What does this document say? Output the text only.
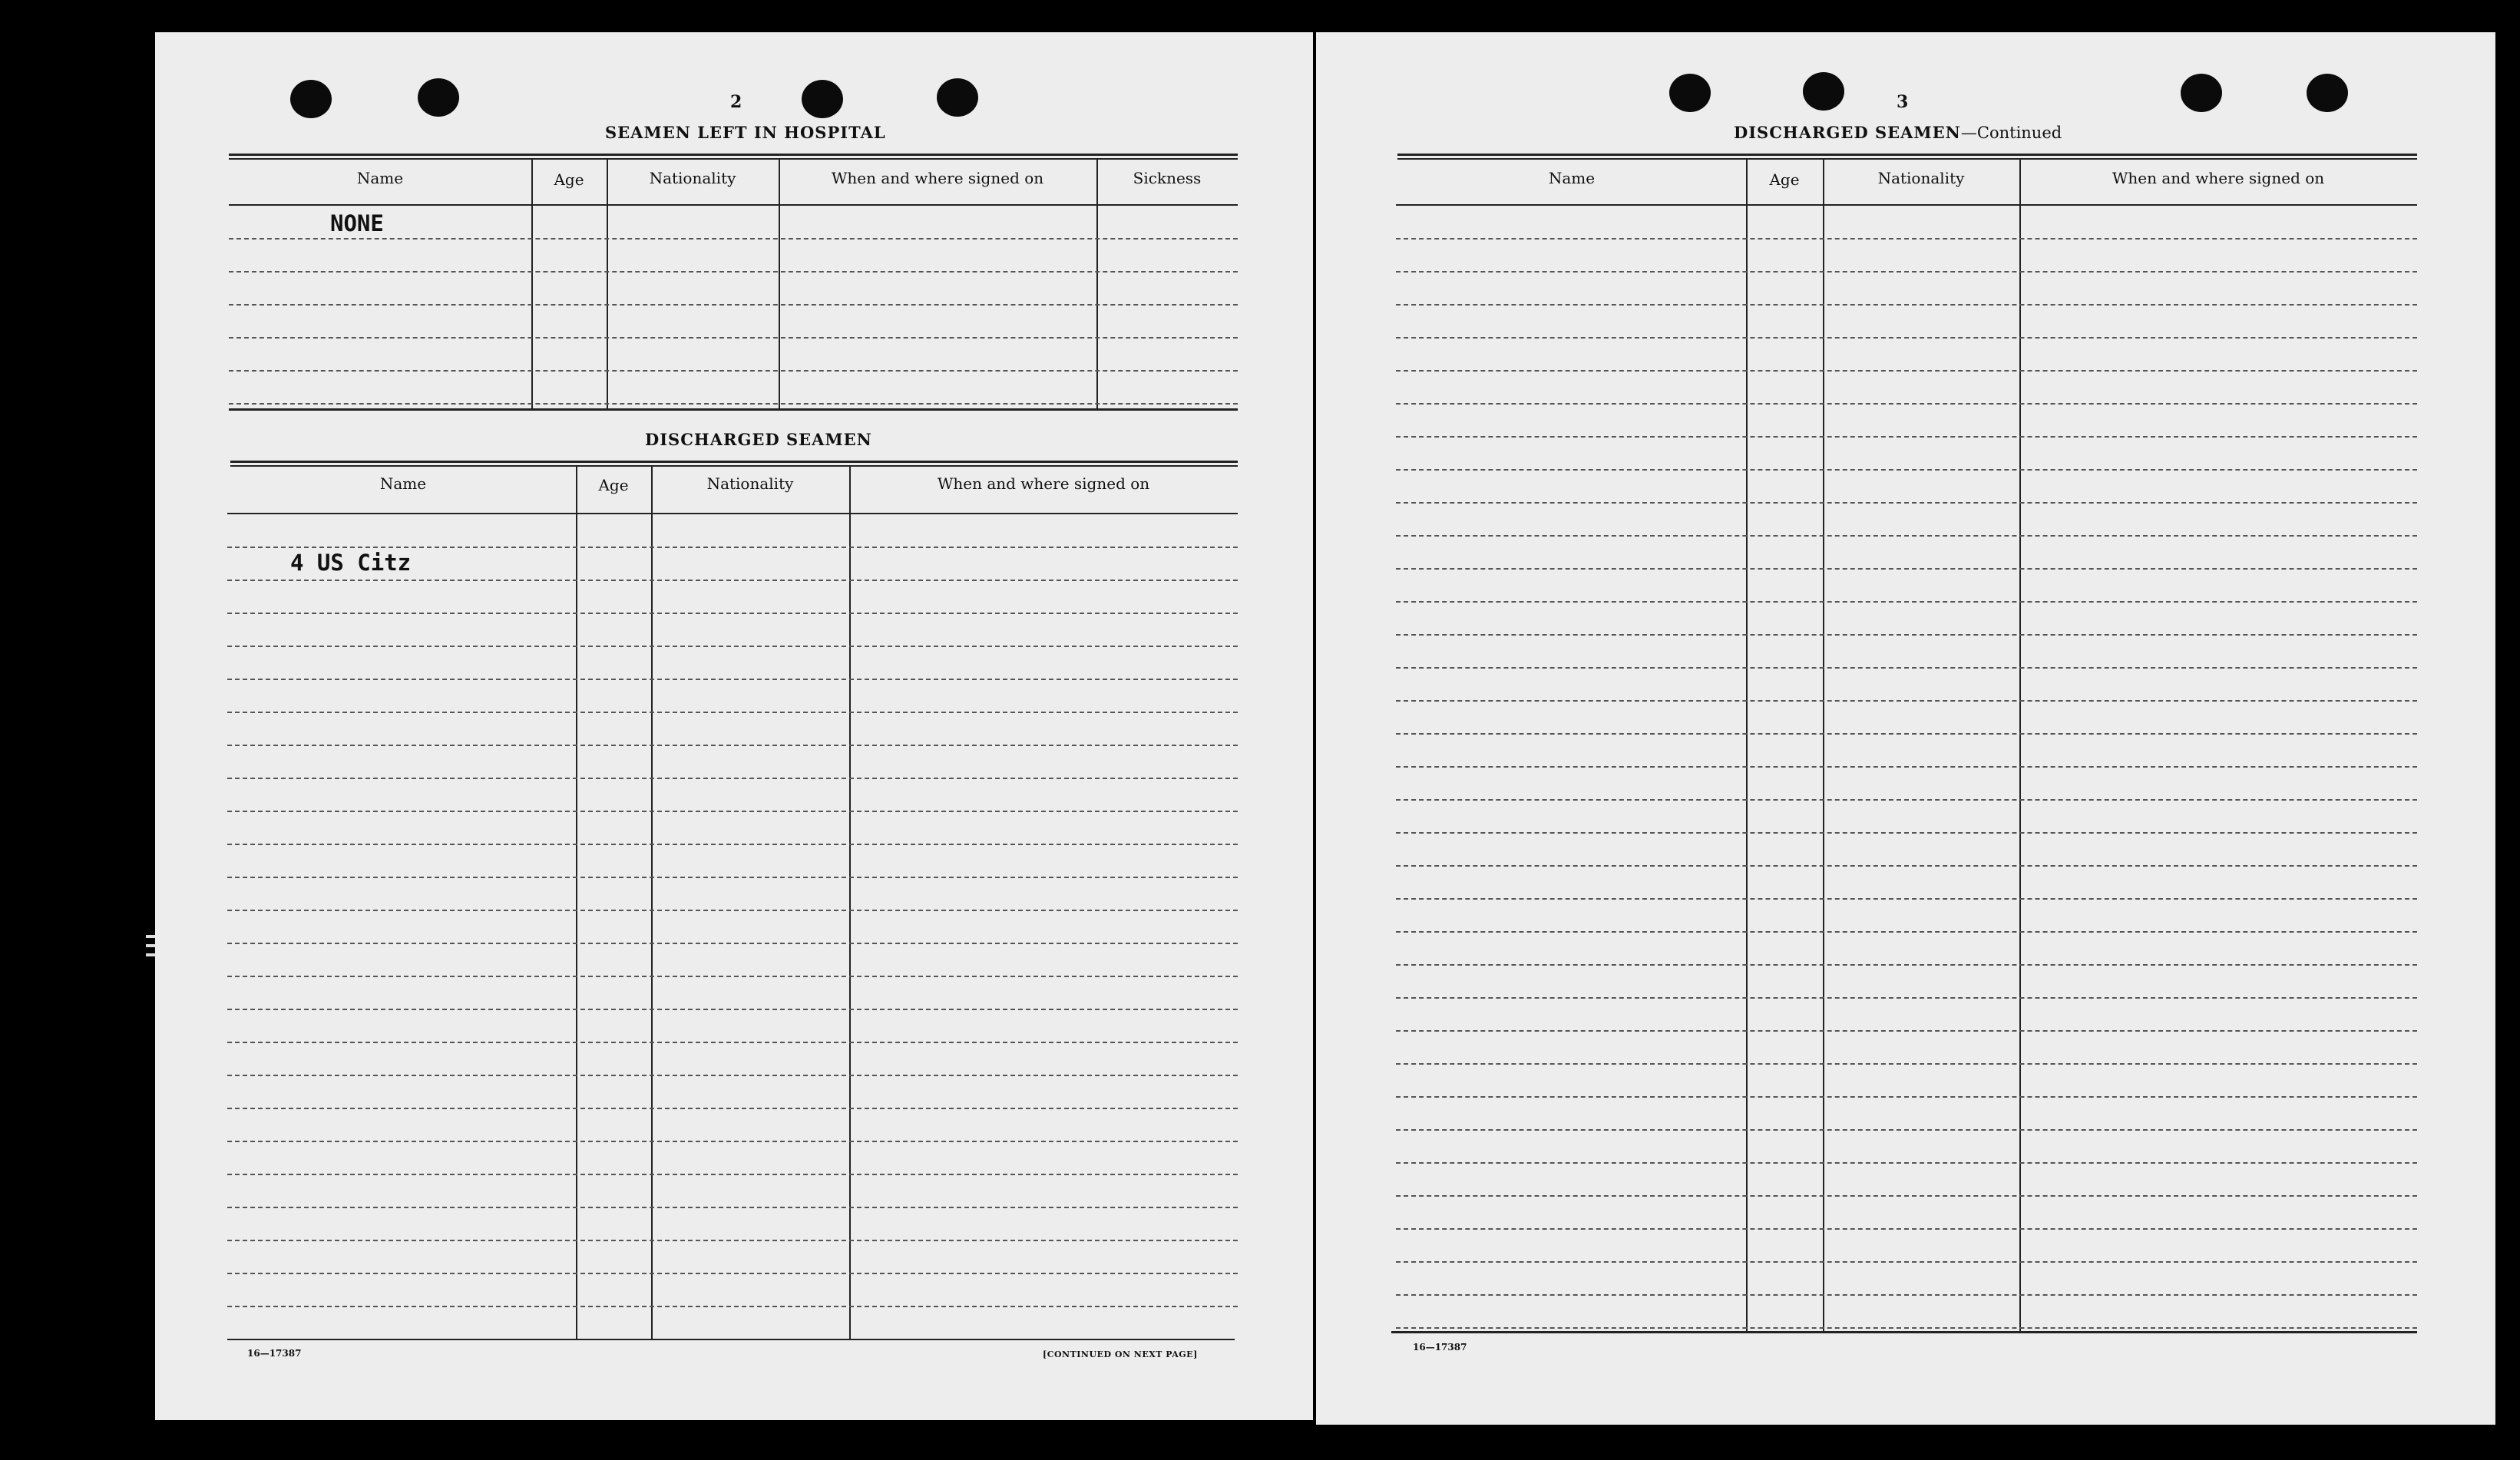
2
SEAMEN LEFT IN HOSPITAL
Name	Age	Nationality	When and where signed on	Sickness
NONE
DISCHARGED SEAMEN
Name	Age	Nationality	When and where signed on
4 US Citz
16—17387	[CONTINUED ON NEXT PAGE]
3
DISCHARGED SEAMEN—Continued
Name	Age	Nationality	When and where signed on
16—17387
